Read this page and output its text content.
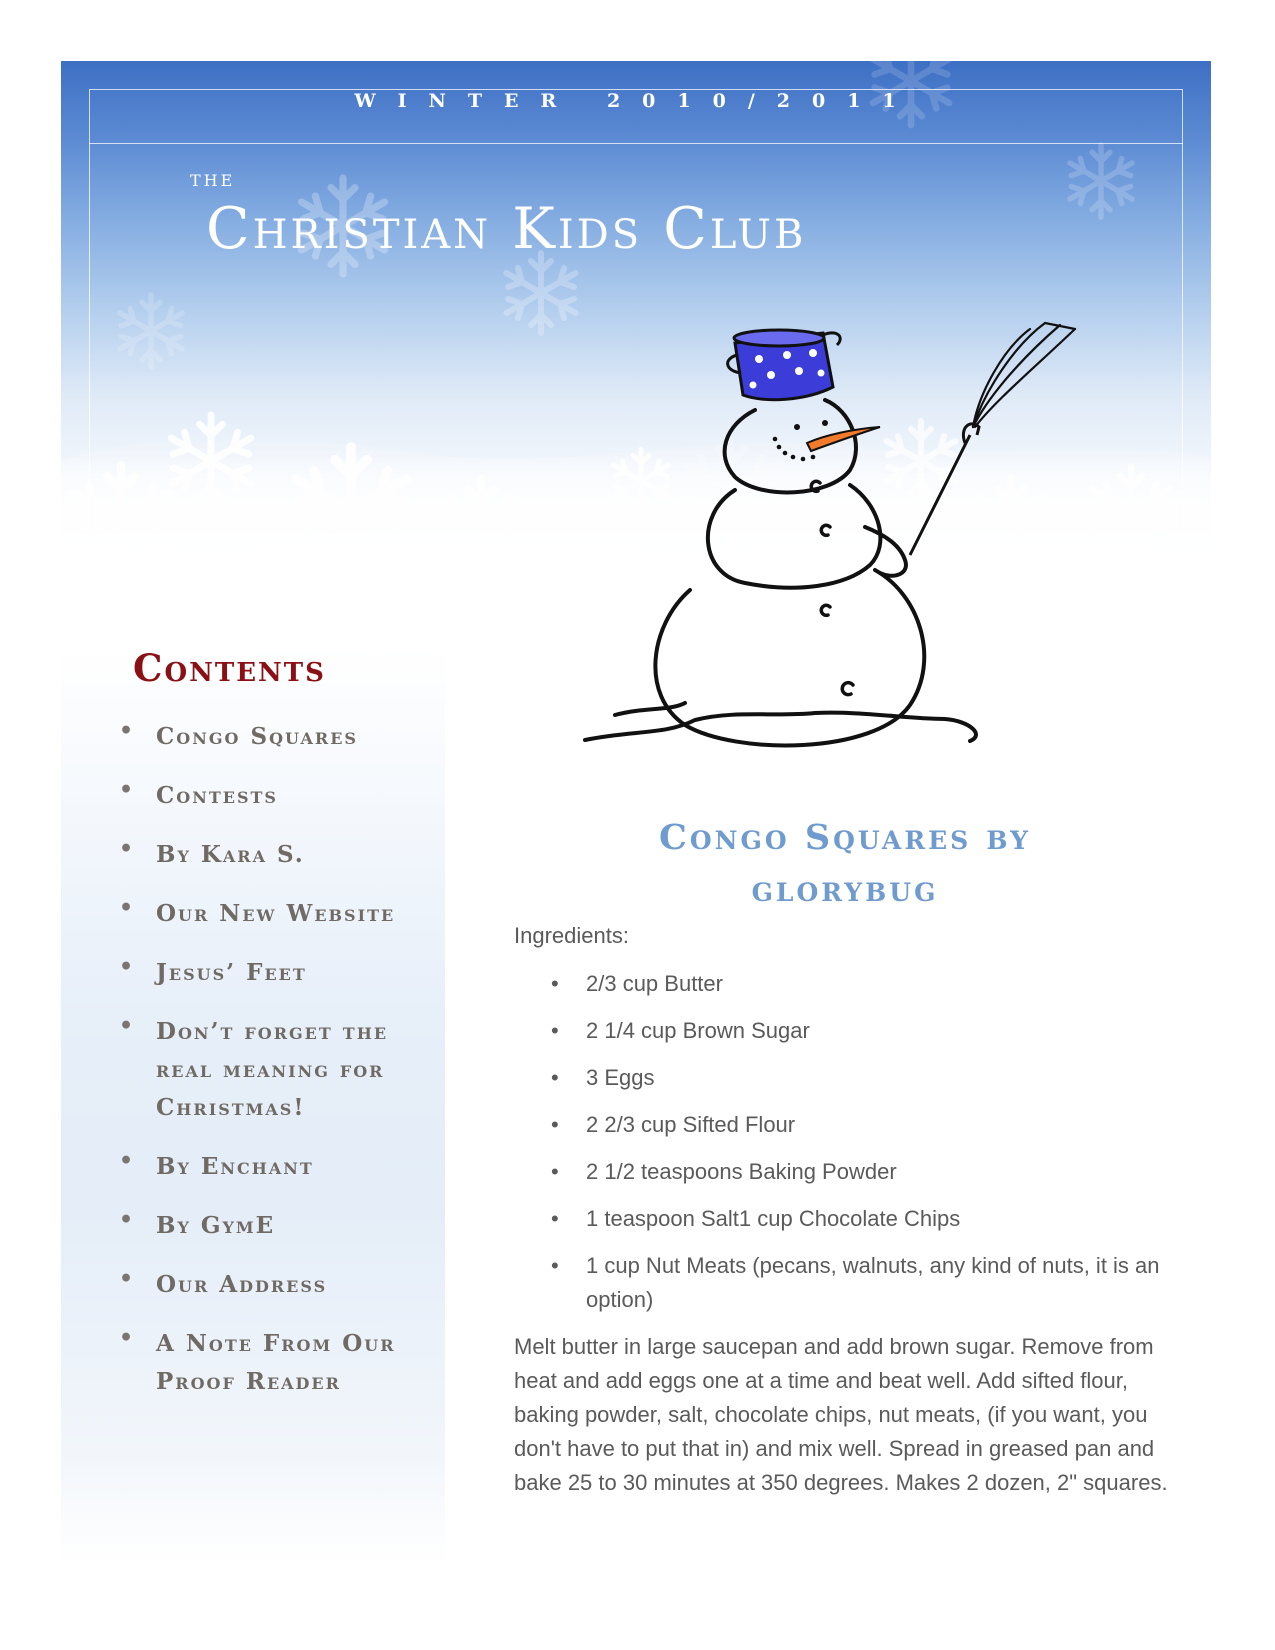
WINTER 2010/2011
the
Christian Kids Club
Contents
• Congo Squares
• Contests
• By Kara S.
• Our New Website
• Jesus’ Feet
• Don’t forget the real meaning for Christmas!
• By Enchant
• By GymE
• Our Address
• A Note From Our Proof Reader
Congo Squares by glorybug
Ingredients:
• 2/3 cup Butter
• 2 1/4 cup Brown Sugar
• 3 Eggs
• 2 2/3 cup Sifted Flour
• 2 1/2 teaspoons Baking Powder
• 1 teaspoon Salt1 cup Chocolate Chips
• 1 cup Nut Meats (pecans, walnuts, any kind of nuts, it is an option)

Melt butter in large saucepan and add brown sugar. Remove from heat and add eggs one at a time and beat well. Add sifted flour, baking powder, salt, chocolate chips, nut meats, (if you want, you don't have to put that in) and mix well. Spread in greased pan and bake 25 to 30 minutes at 350 degrees. Makes 2 dozen, 2" squares.
